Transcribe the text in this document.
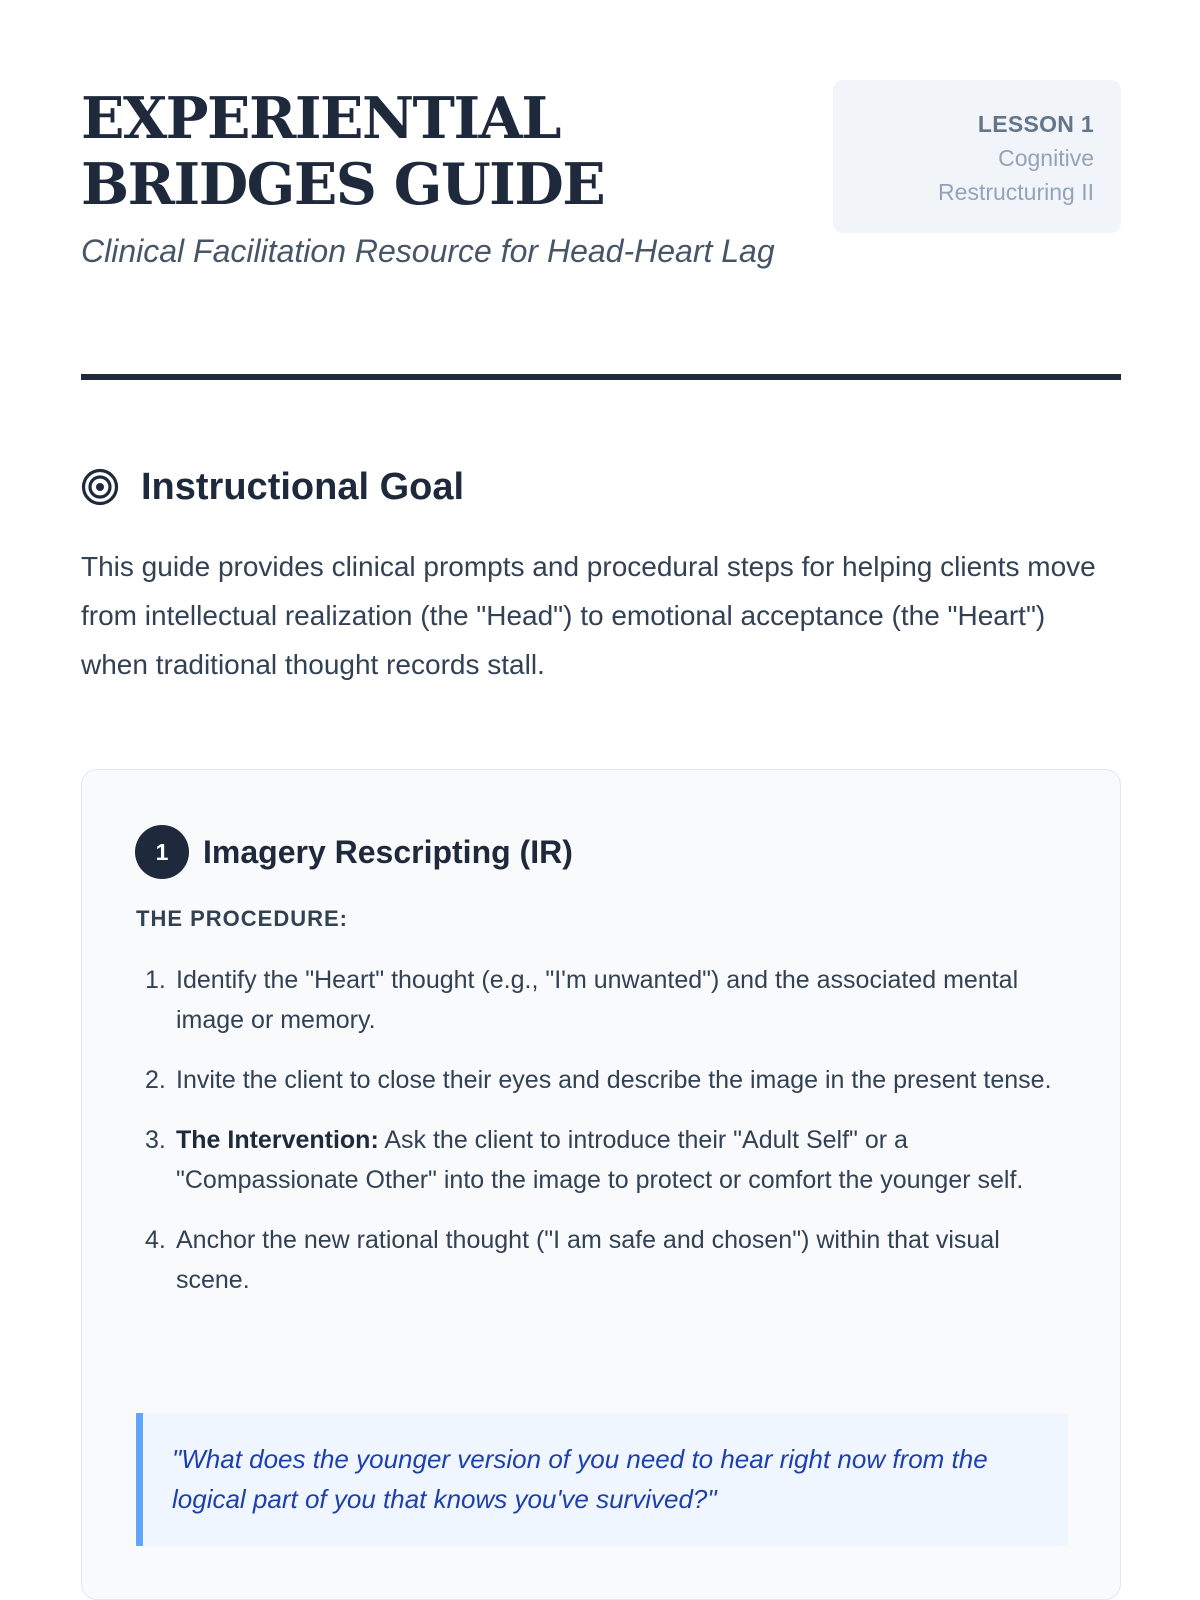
EXPERIENTIAL BRIDGES GUIDE
Clinical Facilitation Resource for Head-Heart Lag
LESSON 1
Cognitive Restructuring II
Instructional Goal

This guide provides clinical prompts and procedural steps for helping clients move from intellectual realization (the "Head") to emotional acceptance (the "Heart") when traditional thought records stall.

1	Imagery Rescripting (IR)
THE PROCEDURE:
1. Identify the "Heart" thought (e.g., "I'm unwanted") and the associated mental image or memory.
2. Invite the client to close their eyes and describe the image in the present tense.
3. The Intervention: Ask the client to introduce their "Adult Self" or a "Compassionate Other" into the image to protect or comfort the younger self.
4. Anchor the new rational thought ("I am safe and chosen") within that visual scene.
"What does the younger version of you need to hear right now from the logical part of you that knows you've survived?"
